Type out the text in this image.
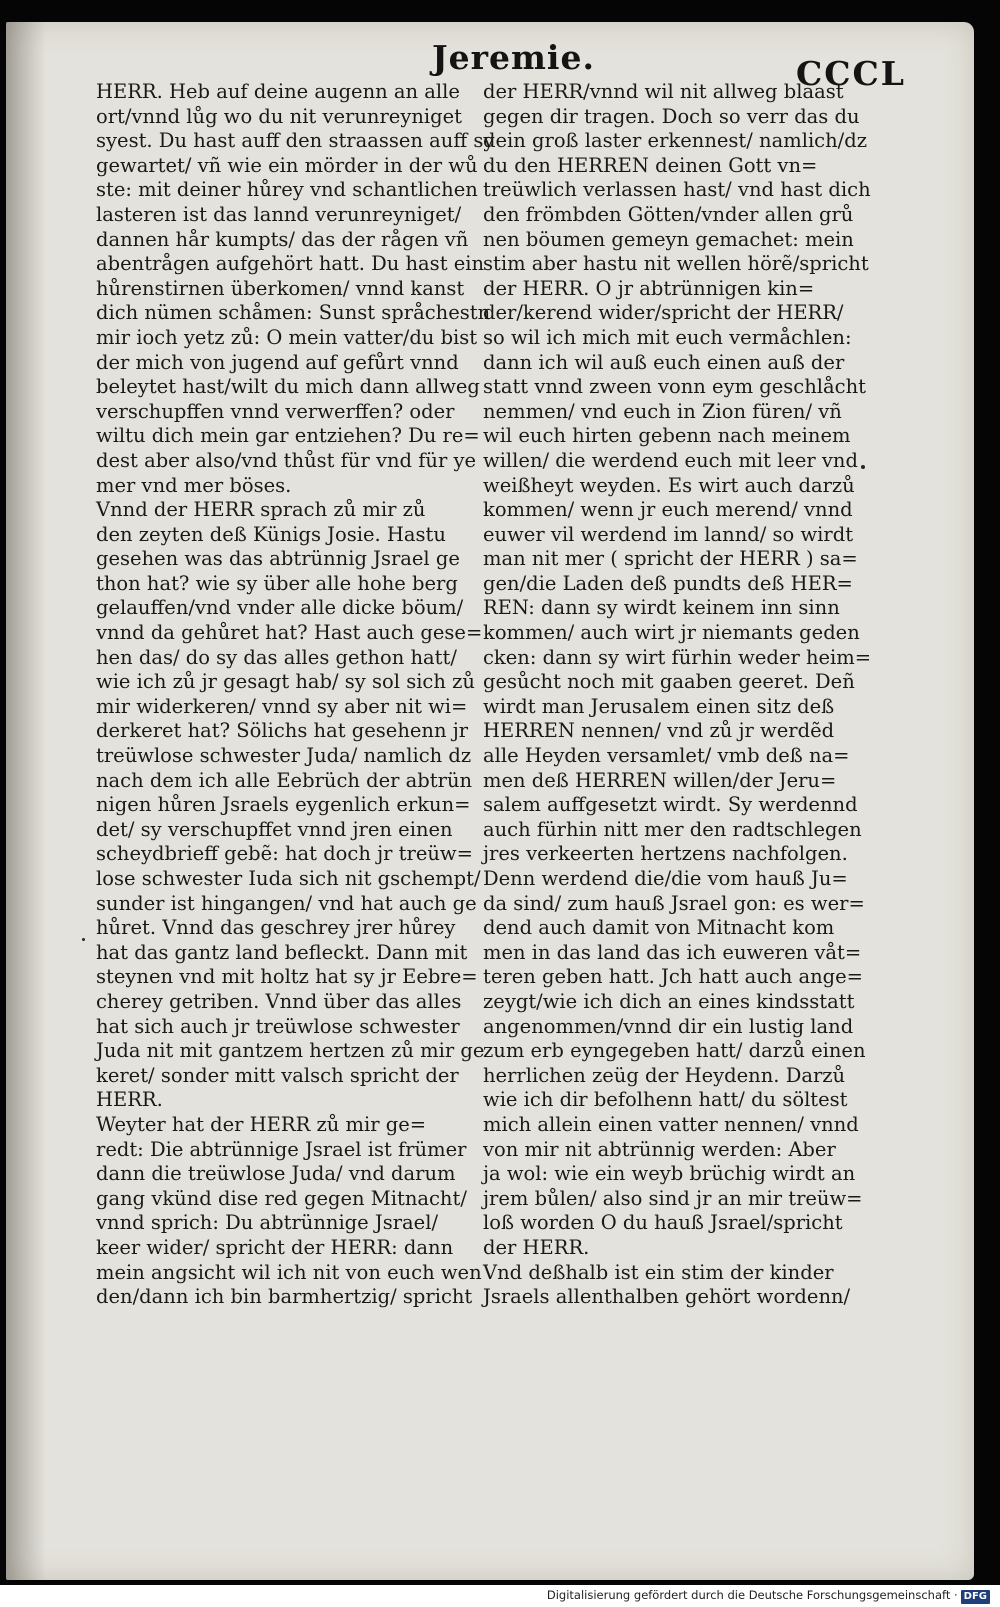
Jeremie.	CCCL
HERR. Heb auf deine augenn an alle
ort/vnnd lůg wo du nit verunreyniget
syest. Du hast auff den straassen auff sy
gewartet/ vñ wie ein mörder in der wů
ste: mit deiner hůrey vnd schantlichen
lasteren ist das lannd verunreyniget/
dannen hår kumpts/ das der rågen vñ
abentrågen aufgehört hatt. Du hast ein
hůrenstirnen überkomen/ vnnd kanst
dich nümen schåmen: Sunst språchestn
mir ioch yetz zů: O mein vatter/du bist
der mich von jugend auf gefůrt vnnd
beleytet hast/wilt du mich dann allweg
verschupffen vnnd verwerffen? oder
wiltu dich mein gar entziehen? Du re=
dest aber also/vnd thůst für vnd für ye
mer vnd mer böses.
Vnnd der HERR sprach zů mir zů
den zeyten deß Künigs Josie. Hastu
gesehen was das abtrünnig Jsrael ge
thon hat? wie sy über alle hohe berg
gelauffen/vnd vnder alle dicke böum/
vnnd da gehůret hat? Hast auch gese=
hen das/ do sy das alles gethon hatt/
wie ich zů jr gesagt hab/ sy sol sich zů
mir widerkeren/ vnnd sy aber nit wi=
derkeret hat? Sölichs hat gesehenn jr
treüwlose schwester Juda/ namlich dz
nach dem ich alle Eebrüch der abtrün
nigen hůren Jsraels eygenlich erkun=
det/ sy verschupffet vnnd jren einen
scheydbrieff gebẽ: hat doch jr treüw=
lose schwester Iuda sich nit gschempt/
sunder ist hingangen/ vnd hat auch ge
hůret. Vnnd das geschrey jrer hůrey
hat das gantz land befleckt. Dann mit
steynen vnd mit holtz hat sy jr Eebre=
cherey getriben. Vnnd über das alles
hat sich auch jr treüwlose schwester
Juda nit mit gantzem hertzen zů mir ge
keret/ sonder mitt valsch spricht der
HERR.
Weyter hat der HERR zů mir ge=
redt: Die abtrünnige Jsrael ist frümer
dann die treüwlose Juda/ vnd darum
gang vkünd dise red gegen Mitnacht/
vnnd sprich: Du abtrünnige Jsrael/
keer wider/ spricht der HERR: dann
mein angsicht wil ich nit von euch wen
den/dann ich bin barmhertzig/ spricht
der HERR/vnnd wil nit allweg blaast
gegen dir tragen. Doch so verr das du
dein groß laster erkennest/ namlich/dz
du den HERREN deinen Gott vn=
treüwlich verlassen hast/ vnd hast dich
den frömbden Götten/vnder allen grů
nen böumen gemeyn gemachet: mein
stim aber hastu nit wellen hörẽ/spricht
der HERR. O jr abtrünnigen kin=
der/kerend wider/spricht der HERR/
so wil ich mich mit euch vermåchlen:
dann ich wil auß euch einen auß der
statt vnnd zween vonn eym geschlåcht
nemmen/ vnd euch in Zion füren/ vñ
wil euch hirten gebenn nach meinem
willen/ die werdend euch mit leer vnd
weißheyt weyden. Es wirt auch darzů
kommen/ wenn jr euch merend/ vnnd
euwer vil werdend im lannd/ so wirdt
man nit mer ( spricht der HERR ) sa=
gen/die Laden deß pundts deß HER=
REN: dann sy wirdt keinem inn sinn
kommen/ auch wirt jr niemants geden
cken: dann sy wirt fürhin weder heim=
gesůcht noch mit gaaben geeret. Deñ
wirdt man Jerusalem einen sitz deß
HERREN nennen/ vnd zů jr werdẽd
alle Heyden versamlet/ vmb deß na=
men deß HERREN willen/der Jeru=
salem auffgesetzt wirdt. Sy werdennd
auch fürhin nitt mer den radtschlegen
jres verkeerten hertzens nachfolgen.
Denn werdend die/die vom hauß Ju=
da sind/ zum hauß Jsrael gon: es wer=
dend auch damit von Mitnacht kom
men in das land das ich euweren våt=
teren geben hatt. Jch hatt auch ange=
zeygt/wie ich dich an eines kindsstatt
angenommen/vnnd dir ein lustig land
zum erb eyngegeben hatt/ darzů einen
herrlichen zeüg der Heydenn. Darzů
wie ich dir befolhenn hatt/ du söltest
mich allein einen vatter nennen/ vnnd
von mir nit abtrünnig werden: Aber
ja wol: wie ein weyb brüchig wirdt an
jrem bůlen/ also sind jr an mir treüw=
loß worden O du hauß Jsrael/spricht
der HERR.
Vnd deßhalb ist ein stim der kinder
Jsraels allenthalben gehört wordenn/
Digitalisierung gefördert durch die Deutsche Forschungsgemeinschaft · DFG
